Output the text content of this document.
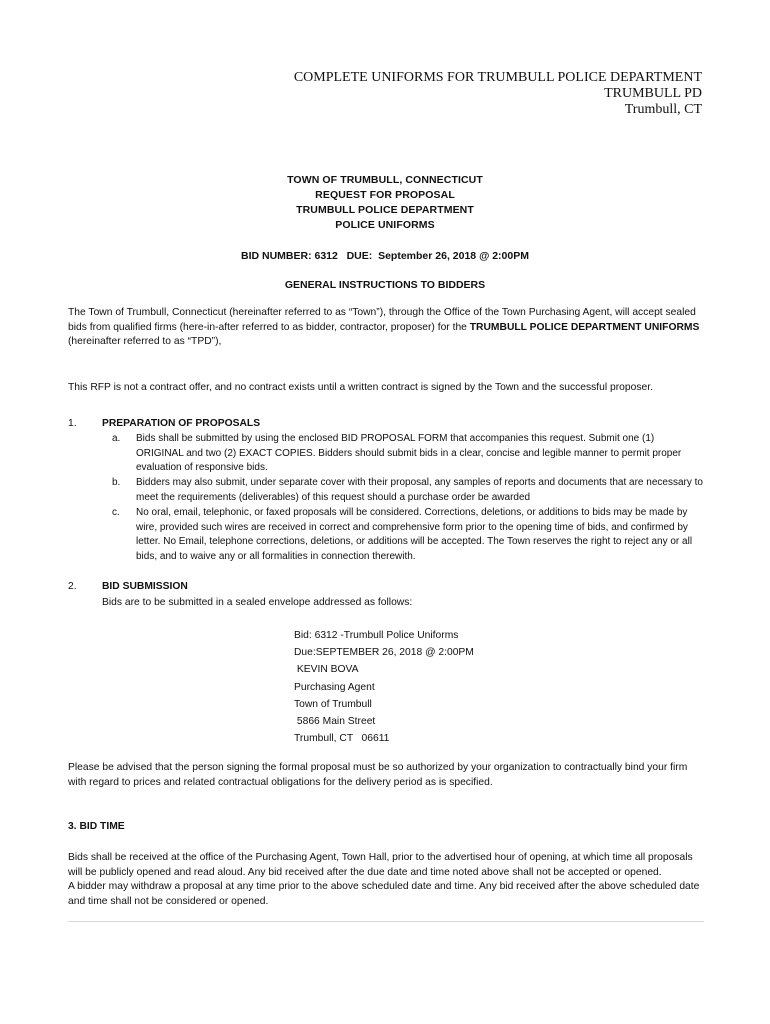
COMPLETE UNIFORMS FOR TRUMBULL POLICE DEPARTMENT
TRUMBULL PD
Trumbull, CT
TOWN OF TRUMBULL, CONNECTICUT
REQUEST FOR PROPOSAL
TRUMBULL POLICE DEPARTMENT
POLICE UNIFORMS
BID NUMBER: 6312   DUE:  September 26, 2018 @ 2:00PM
GENERAL INSTRUCTIONS TO BIDDERS
The Town of Trumbull, Connecticut (hereinafter referred to as “Town”), through the Office of the Town Purchasing Agent, will accept sealed bids from qualified firms (here-in-after referred to as bidder, contractor, proposer) for the TRUMBULL POLICE DEPARTMENT UNIFORMS (hereinafter referred to as “TPD”),
This RFP is not a contract offer, and no contract exists until a written contract is signed by the Town and the successful proposer.
1. PREPARATION OF PROPOSALS
a.	Bids shall be submitted by using the enclosed BID PROPOSAL FORM that accompanies this request. Submit one (1) ORIGINAL and two (2) EXACT COPIES. Bidders should submit bids in a clear, concise and legible manner to permit proper evaluation of responsive bids.
b.	Bidders may also submit, under separate cover with their proposal, any samples of reports and documents that are necessary to meet the requirements (deliverables) of this request should a purchase order be awarded
c.	No oral, email, telephonic, or faxed proposals will be considered. Corrections, deletions, or additions to bids may be made by wire, provided such wires are received in correct and comprehensive form prior to the opening time of bids, and confirmed by letter. No Email, telephone corrections, deletions, or additions will be accepted. The Town reserves the right to reject any or all bids, and to waive any or all formalities in connection therewith.
2. BID SUBMISSION
Bids are to be submitted in a sealed envelope addressed as follows:
Bid: 6312 -Trumbull Police Uniforms
Due:SEPTEMBER 26, 2018 @ 2:00PM
KEVIN BOVA
Purchasing Agent
Town of Trumbull
5866 Main Street
Trumbull, CT   06611
Please be advised that the person signing the formal proposal must be so authorized by your organization to contractually bind your firm with regard to prices and related contractual obligations for the delivery period as is specified.
3. BID TIME
Bids shall be received at the office of the Purchasing Agent, Town Hall, prior to the advertised hour of opening, at which time all proposals will be publicly opened and read aloud. Any bid received after the due date and time noted above shall not be accepted or opened.
A bidder may withdraw a proposal at any time prior to the above scheduled date and time. Any bid received after the above scheduled date and time shall not be considered or opened.
